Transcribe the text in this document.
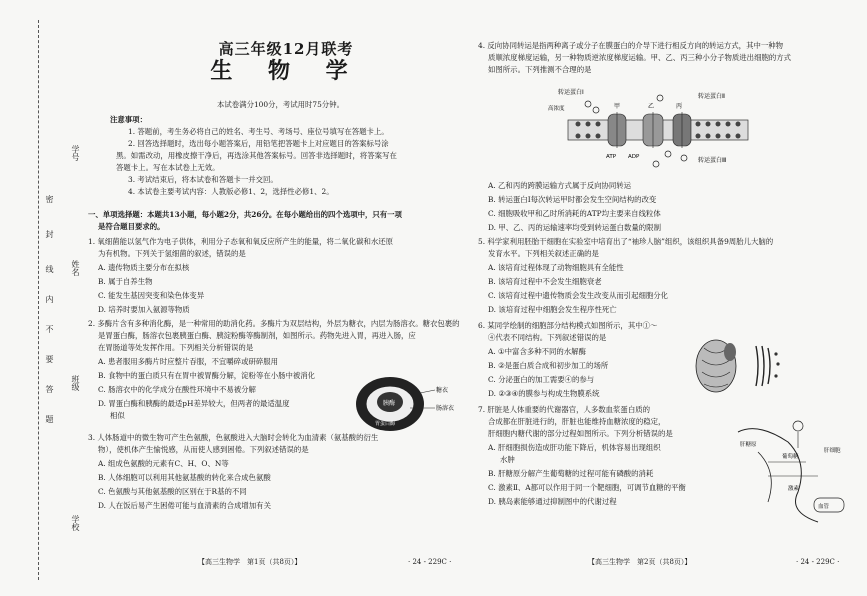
学号
姓名
班级
学校
密
封
线
内
不
要
答
题
高三年级12月联考
生 物 学
本试卷满分100分，考试用时75分钟。
注意事项：
1. 答题前，考生务必将自己的姓名、考生号、考场号、座位号填写在答题卡上。
2. 回答选择题时，选出每小题答案后，用铅笔把答题卡上对应题目的答案标号涂
黑。如需改动，用橡皮擦干净后，再选涂其他答案标号。回答非选择题时，将答案写在
答题卡上。写在本试卷上无效。
3. 考试结束后，将本试卷和答题卡一并交回。
4. 本试卷主要考试内容：人教版必修1、2，选择性必修1、2。
一、单项选择题：本题共13小题，每小题2分，共26分。在每小题给出的四个选项中，只有一项
是符合题目要求的。
1. 氧细菌能以氢气作为电子供体，利用分子态氧和氧反应所产生的能量，将二氧化碳和水还原
为有机物。下列关于氢细菌的叙述，错误的是
A. 遗传物质主要分布在拟核
B. 属于自养生物
C. 能发生基因突变和染色体变异
D. 培养时要加入氨源等物质
2. 多酶片含有多种消化酶，是一种常用的助消化药。多酶片为双层结构，外层为糖衣，内层为肠溶衣。糖衣包裹的
是胃蛋白酶，肠溶衣包裹胰蛋白酶、胰淀粉酶等酶制剂，如图所示。药物先进入胃，再进入肠，应
在胃肠道等处发挥作用。下列相关分析错误的是
A. 患者服用多酶片时应整片吞服，不宜嚼碎或研碎服用
B. 食物中的蛋白质只有在胃中被胃酶分解，淀粉等在小肠中被消化
C. 肠溶衣中的化学成分在酸性环境中不易被分解
D. 胃蛋白酶和胰酶的最适pH差异较大，但两者的最适温度
相似
胰酶
胃蛋白酶
糖衣
肠溶衣
3. 人体肠道中的微生物可产生色氨酸，色氨酸进入大脑时会转化为血清素（氨基酸的衍生
物），使机体产生愉悦感，从而使人感到困倦。下列叙述错误的是
A. 组成色氨酸的元素有C、H、O、N等
B. 人体细胞可以利用其他氨基酸的转化来合成色氨酸
C. 色氨酸与其他氨基酸的区别在于R基的不同
D. 人在饭后易产生困倦可能与血清素的合成增加有关
【高三生物学　第1页（共8页）】	· 24 - 229C ·
4. 反向协同转运是指两种离子或分子在膜蛋白的介导下进行相反方向的转运方式，其中一种物
质顺浓度梯度运输，另一种物质逆浓度梯度运输。甲、乙、丙三种小分子物质进出细胞的方式
如图所示。下列推测不合理的是
转运蛋白Ⅰ
转运蛋白Ⅱ
转运蛋白Ⅲ
高浓度
ATP ADP
甲	乙	丙
A. 乙和丙的跨膜运输方式属于反向协同转运
B. 转运蛋白Ⅰ每次转运甲时都会发生空间结构的改变
C. 细胞吸收甲和乙时所消耗的ATP均主要来自线粒体
D. 甲、乙、丙的运输速率均受到转运蛋白数量的限制
5. 科学家利用胚胎干细胞在实验室中培育出了“袖珍人脑”组织，该组织具备9周胎儿大脑的
发育水平。下列相关叙述正确的是
A. 该培育过程体现了动物细胞具有全能性
B. 该培育过程中不会发生细胞衰老
C. 该培育过程中遗传物质会发生改变从而引起细胞分化
D. 该培育过程中细胞会发生程序性死亡
6. 某同学绘制的细胞部分结构模式如图所示，其中①～
④代表不同结构。下列叙述错误的是
A. ①中富含多种不同的水解酶
B. ②是蛋白质合成和初步加工的场所
C. 分泌蛋白的加工需要④的参与
D. ②③④的膜参与构成生物膜系统
7. 肝脏是人体重要的代谢器官，人多数血浆蛋白质的
合成都在肝脏进行的，肝脏也能维持血糖浓度的稳定，
肝细胞内糖代谢的部分过程如图所示。下列分析错误的是
A. 肝细胞损伤造成肝功能下降后，机体容易出现组织
水肿
B. 肝糖原分解产生葡萄糖的过程可能有磷酸的消耗
C. 激素Ⅱ、A都可以作用于同一个靶细胞，可调节血糖的平衡
D. 胰岛素能够通过抑制图中的代谢过程
肝糖原
葡萄糖
肝细胞
激素
血管
【高三生物学　第2页（共8页）】	· 24 - 229C ·
